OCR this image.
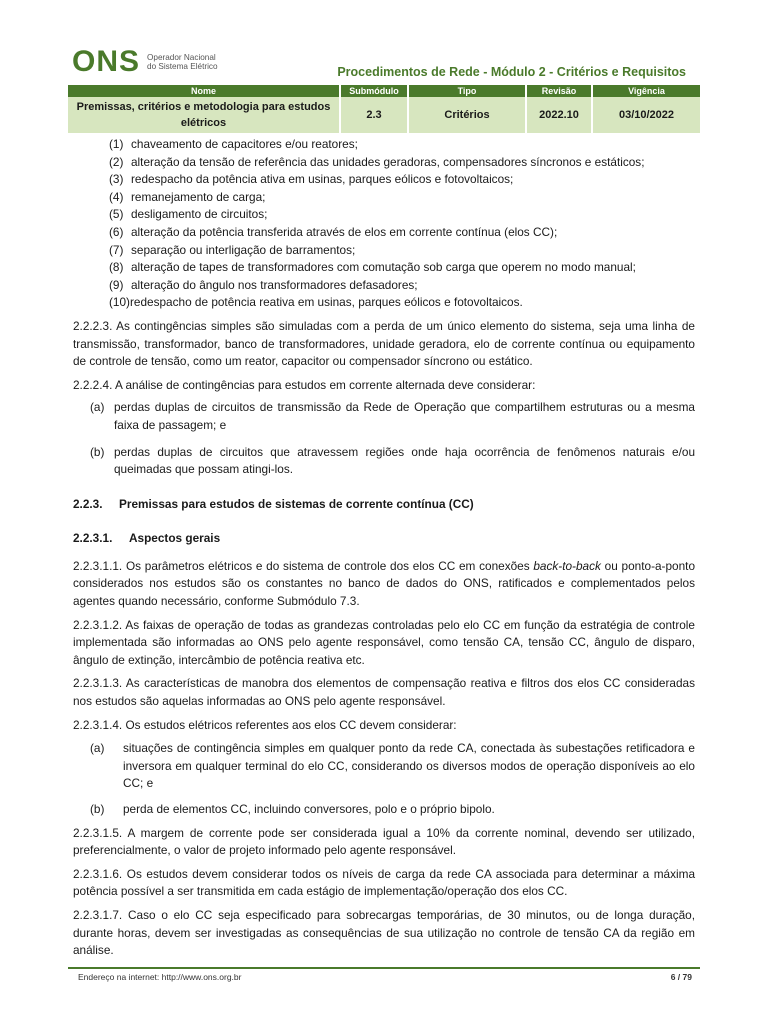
ONS Operador Nacional
do Sistema Elétrico	Procedimentos de Rede - Módulo 2 - Critérios e Requisitos
Nome	Submódulo	Tipo	Revisão	Vigência
Premissas, critérios e metodologia para estudos elétricos	2.3	Critérios	2022.10	03/10/2022
(1) chaveamento de capacitores e/ou reatores;
(2) alteração da tensão de referência das unidades geradoras, compensadores síncronos e estáticos;
(3) redespacho da potência ativa em usinas, parques eólicos e fotovoltaicos;
(4) remanejamento de carga;
(5) desligamento de circuitos;
(6) alteração da potência transferida através de elos em corrente contínua (elos CC);
(7) separação ou interligação de barramentos;
(8) alteração de tapes de transformadores com comutação sob carga que operem no modo manual;
(9) alteração do ângulo nos transformadores defasadores;
(10) redespacho de potência reativa em usinas, parques eólicos e fotovoltaicos.

2.2.2.3. As contingências simples são simuladas com a perda de um único elemento do sistema, seja uma linha de transmissão, transformador, banco de transformadores, unidade geradora, elo de corrente contínua ou equipamento de controle de tensão, como um reator, capacitor ou compensador síncrono ou estático.

2.2.2.4. A análise de contingências para estudos em corrente alternada deve considerar:

(a) perdas duplas de circuitos de transmissão da Rede de Operação que compartilhem estruturas ou a mesma faixa de passagem; e
(b) perdas duplas de circuitos que atravessem regiões onde haja ocorrência de fenômenos naturais e/ou queimadas que possam atingi-los.
2.2.3.	Premissas para estudos de sistemas de corrente contínua (CC)
2.2.3.1.	Aspectos gerais

2.2.3.1.1. Os parâmetros elétricos e do sistema de controle dos elos CC em conexões back-to-back ou ponto-a-ponto considerados nos estudos são os constantes no banco de dados do ONS, ratificados e complementados pelos agentes quando necessário, conforme Submódulo 7.3.

2.2.3.1.2. As faixas de operação de todas as grandezas controladas pelo elo CC em função da estratégia de controle implementada são informadas ao ONS pelo agente responsável, como tensão CA, tensão CC, ângulo de disparo, ângulo de extinção, intercâmbio de potência reativa etc.

2.2.3.1.3. As características de manobra dos elementos de compensação reativa e filtros dos elos CC consideradas nos estudos são aquelas informadas ao ONS pelo agente responsável.

2.2.3.1.4. Os estudos elétricos referentes aos elos CC devem considerar:

(a)	situações de contingência simples em qualquer ponto da rede CA, conectada às subestações retificadora e inversora em qualquer terminal do elo CC, considerando os diversos modos de operação disponíveis ao elo CC; e
(b)	perda de elementos CC, incluindo conversores, polo e o próprio bipolo.

2.2.3.1.5. A margem de corrente pode ser considerada igual a 10% da corrente nominal, devendo ser utilizado, preferencialmente, o valor de projeto informado pelo agente responsável.

2.2.3.1.6. Os estudos devem considerar todos os níveis de carga da rede CA associada para determinar a máxima potência possível a ser transmitida em cada estágio de implementação/operação dos elos CC.

2.2.3.1.7. Caso o elo CC seja especificado para sobrecargas temporárias, de 30 minutos, ou de longa duração, durante horas, devem ser investigadas as consequências de sua utilização no controle de tensão CA da região em análise.

Endereço na internet: http://www.ons.org.br	6 / 79
